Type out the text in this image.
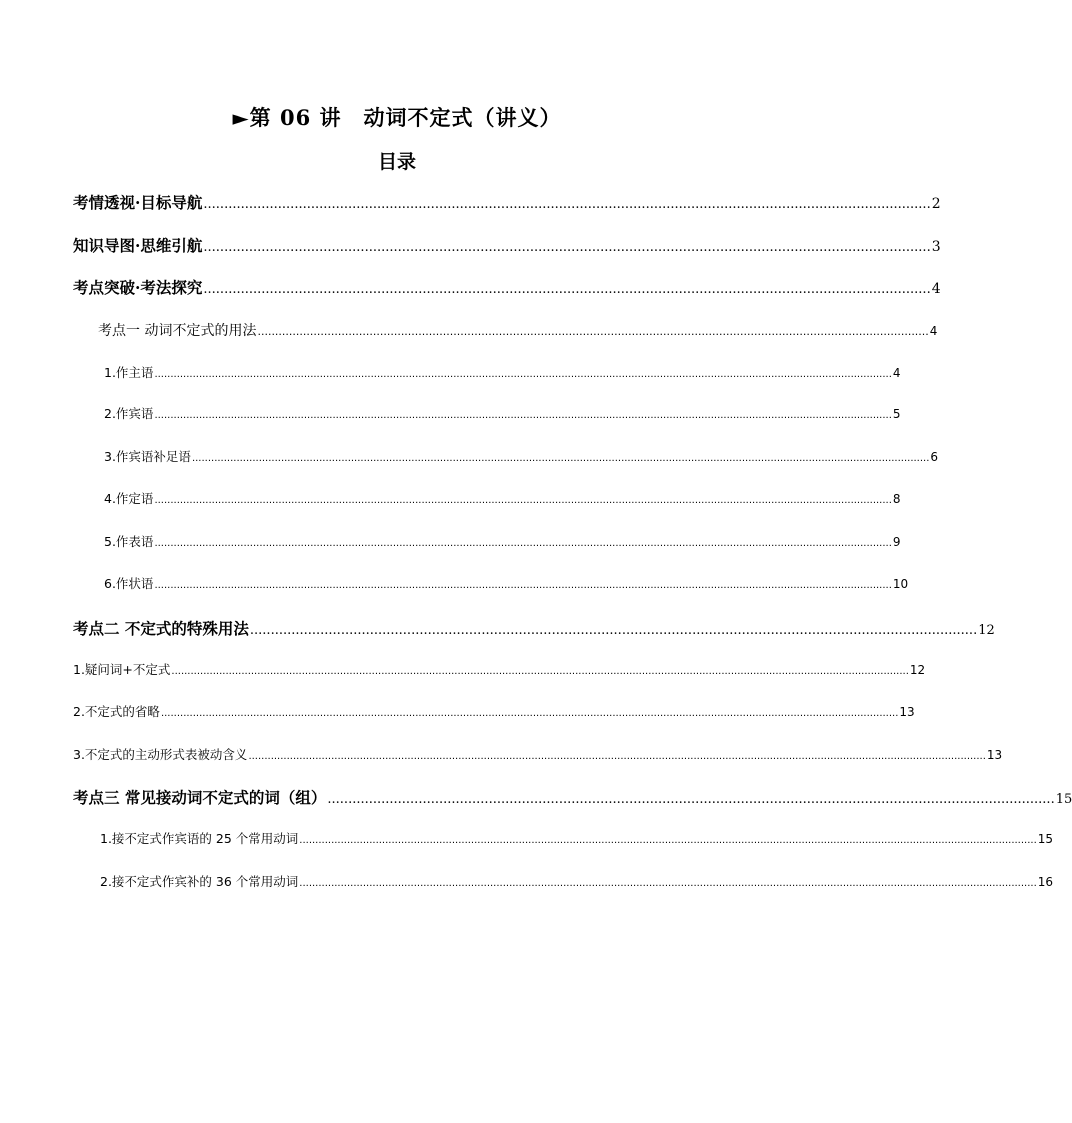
►第 06 讲　动词不定式（讲义）
目录
考情透视·目标导航 ................................................................................................................................................................................ 2
知识导图·思维引航 ................................................................................................................................................................................ 3
考点突破·考法探究 ................................................................................................................................................................................ 4
考点一 动词不定式的用法 ................................................................................................................................................................................................ 4
1.作主语 ........................................................................................................................................................................................................................................ 4
2.作宾语 ........................................................................................................................................................................................................................................ 5
3.作宾语补足语 ........................................................................................................................................................................................................................................ 6
4.作定语 ........................................................................................................................................................................................................................................ 8
5.作表语 ........................................................................................................................................................................................................................................ 9
6.作状语 ........................................................................................................................................................................................................................................ 10
考点二 不定式的特殊用法 ................................................................................................................................................................................ 12
1.疑问词+不定式 ........................................................................................................................................................................................................................................ 12
2.不定式的省略 ........................................................................................................................................................................................................................................ 13
3.不定式的主动形式表被动含义 ........................................................................................................................................................................................................................................ 13
考点三 常见接动词不定式的词（组） ................................................................................................................................................................................ 15
1.接不定式作宾语的 25 个常用动词 ........................................................................................................................................................................................................................................ 15
2.接不定式作宾补的 36 个常用动词 ........................................................................................................................................................................................................................................ 16
